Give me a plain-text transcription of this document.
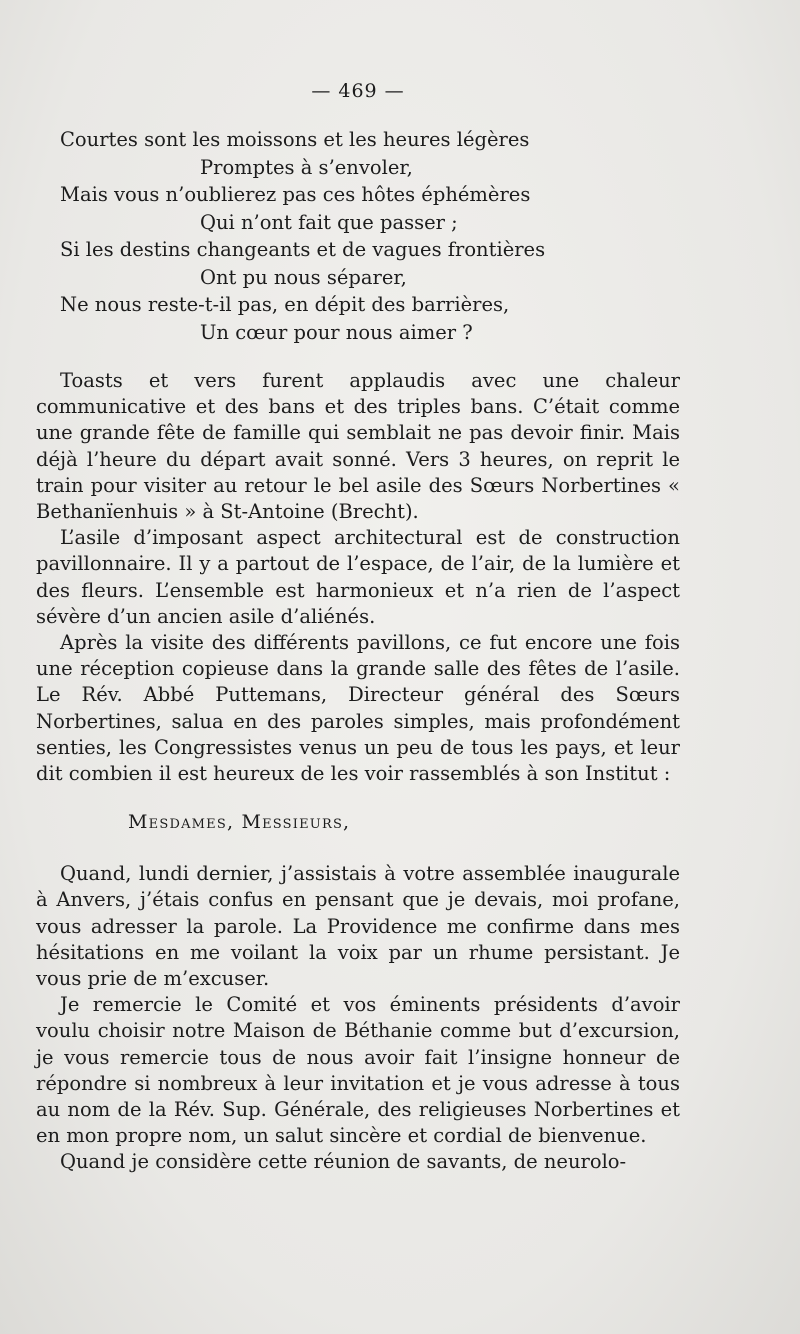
— 469 —
Courtes sont les moissons et les heures légères
Promptes à s’envoler,
Mais vous n’oublierez pas ces hôtes éphémères
Qui n’ont fait que passer ;
Si les destins changeants et de vagues frontières
Ont pu nous séparer,
Ne nous reste-t-il pas, en dépit des barrières,
Un cœur pour nous aimer ?

Toasts et vers furent applaudis avec une chaleur communicative et des bans et des triples bans. C’était comme une grande fête de famille qui semblait ne pas devoir finir. Mais déjà l’heure du départ avait sonné. Vers 3 heures, on reprit le train pour visiter au retour le bel asile des Sœurs Norbertines « Bethanïenhuis » à St-Antoine (Brecht).

L’asile d’imposant aspect architectural est de construction pavillonnaire. Il y a partout de l’espace, de l’air, de la lumière et des fleurs. L’ensemble est harmonieux et n’a rien de l’aspect sévère d’un ancien asile d’aliénés.

Après la visite des différents pavillons, ce fut encore une fois une réception copieuse dans la grande salle des fêtes de l’asile. Le Rév. Abbé Puttemans, Directeur général des Sœurs Norbertines, salua en des paroles simples, mais profondément senties, les Congressistes venus un peu de tous les pays, et leur dit combien il est heureux de les voir rassemblés à son Institut :

Mesdames, Messieurs,

Quand, lundi dernier, j’assistais à votre assemblée inaugurale à Anvers, j’étais confus en pensant que je devais, moi profane, vous adresser la parole. La Providence me confirme dans mes hésitations en me voilant la voix par un rhume persistant. Je vous prie de m’excuser.

Je remercie le Comité et vos éminents présidents d’avoir voulu choisir notre Maison de Béthanie comme but d’excursion, je vous remercie tous de nous avoir fait l’insigne honneur de répondre si nombreux à leur invitation et je vous adresse à tous au nom de la Rév. Sup. Générale, des religieuses Norbertines et en mon propre nom, un salut sincère et cordial de bienvenue.

Quand je considère cette réunion de savants, de neurolo-
